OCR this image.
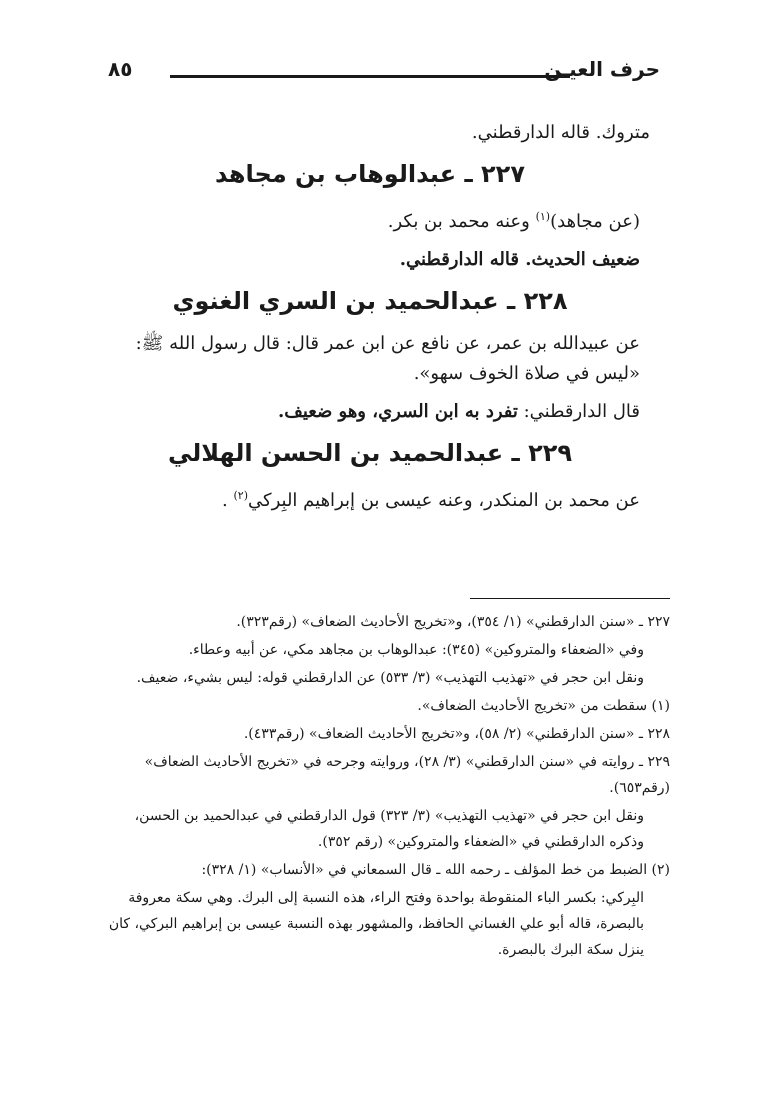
حرف العيـن
٨٥

متروك. قاله الدارقطني.

٢٢٧ ـ عبدالوهاب بن مجاهد

(عن مجاهد)$^{(١)}$ وعنه محمد بن بكر.

ضعيف الحديث. قاله الدارقطني.

٢٢٨ ـ عبدالحميد بن السري الغنوي

عن عبيدالله بن عمر، عن نافع عن ابن عمر قال: قال رسول الله ﷺ: «ليس في صلاة الخوف سهو».

قال الدارقطني: تفرد به ابن السري، وهو ضعيف.

٢٢٩ ـ عبدالحميد بن الحسن الهلالي

عن محمد بن المنكدر، وعنه عيسى بن إبراهيم البِركي$^{(٢)}$ .

٢٢٧ ـ «سنن الدارقطني» (١/ ٣٥٤)، و«تخريج الأحاديث الضعاف» (رقم٣٢٣).

وفي «الضعفاء والمتروكين» (٣٤٥): عبدالوهاب بن مجاهد مكي، عن أبيه وعطاء.

ونقل ابن حجر في «تهذيب التهذيب» (٣/ ٥٣٣) عن الدارقطني قوله: ليس بشيء، ضعيف.

(١) سقطت من «تخريج الأحاديث الضعاف».

٢٢٨ ـ «سنن الدارقطني» (٢/ ٥٨)، و«تخريج الأحاديث الضعاف» (رقم٤٣٣).

٢٢٩ ـ روايته في «سنن الدارقطني» (٣/ ٢٨)، وروايته وجرحه في «تخريج الأحاديث الضعاف» (رقم٦٥٣).

ونقل ابن حجر في «تهذيب التهذيب» (٣/ ٣٢٣) قول الدارقطني في عبدالحميد بن الحسن، وذكره الدارقطني في «الضعفاء والمتروكين» (رقم ٣٥٢).

(٢) الضبط من خط المؤلف ـ رحمه الله ـ قال السمعاني في «الأنساب» (١/ ٣٢٨):

البِركي: بكسر الباء المنقوطة بواحدة وفتح الراء، هذه النسبة إلى البرك. وهي سكة معروفة بالبصرة، قاله أبو علي الغساني الحافظ، والمشهور بهذه النسبة عيسى بن إبراهيم البركي، كان ينزل سكة البرك بالبصرة.
